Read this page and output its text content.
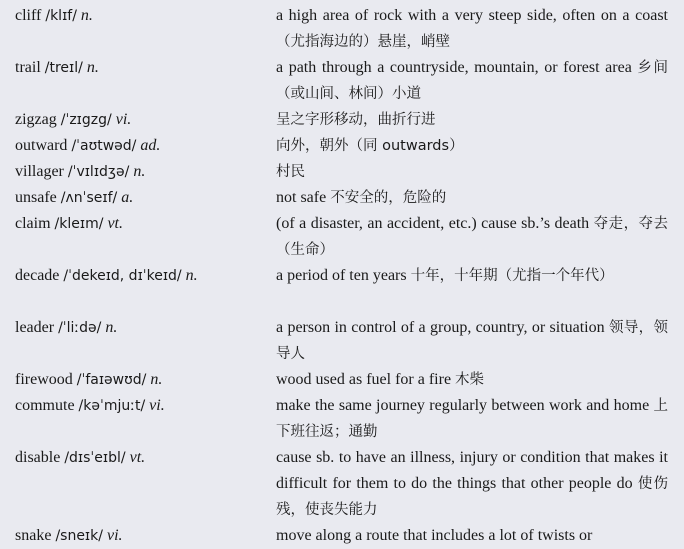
cliff /klɪf/ n.	a high area of rock with a very steep side, often on a coast （尤指海边的）悬崖，峭壁
trail /treɪl/ n.	a path through a countryside, mountain, or forest area 乡间（或山间、林间）小道
zigzag /ˈzɪgzg/ vi.	呈之字形移动，曲折行进
outward /ˈaʊtwəd/ ad.	向外，朝外（同 outwards）
villager /ˈvɪlɪdʒə/ n.	村民
unsafe /ʌnˈseɪf/ a.	not safe 不安全的，危险的
claim /kleɪm/ vt.	(of a disaster, an accident, etc.) cause sb.’s death 夺走，夺去（生命）
decade /ˈdekeɪd, dɪˈkeɪd/ n.	a period of ten years 十年，十年期（尤指一个年代）
leader /ˈliːdə/ n.	a person in control of a group, country, or situation 领导，领导人
firewood /ˈfaɪəwʊd/ n.	wood used as fuel for a fire 木柴
commute /kəˈmjuːt/ vi.	make the same journey regularly between work and home 上下班往返；通勤
disable /dɪsˈeɪbl/ vt.	cause sb. to have an illness, injury or condition that makes it difficult for them to do the things that other people do 使伤残，使丧失能力
snake /sneɪk/ vi.	move along a route that includes a lot of twists or
